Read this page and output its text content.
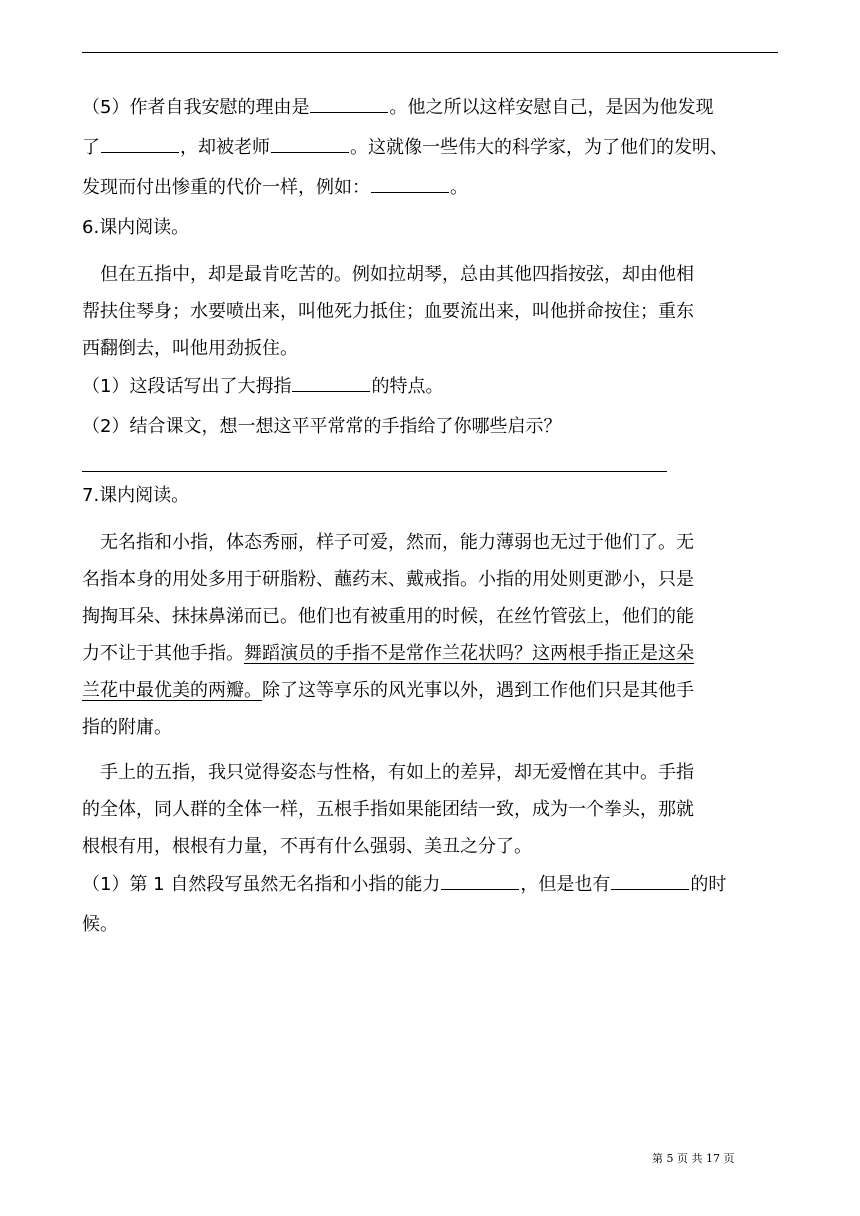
（5）作者自我安慰的理由是	。他之所以这样安慰自己，是因为他发现
了	，却被老师	。这就像一些伟大的科学家，为了他们的发明、
发现而付出惨重的代价一样，例如：	。
6.课内阅读。
　但在五指中，却是最肯吃苦的。例如拉胡琴，总由其他四指按弦，却由他相
帮扶住琴身；水要喷出来，叫他死力抵住；血要流出来，叫他拼命按住；重东
西翻倒去，叫他用劲扳住。
（1）这段话写出了大拇指	的特点。
（2）结合课文，想一想这平平常常的手指给了你哪些启示？
7.课内阅读。
　无名指和小指，体态秀丽，样子可爱，然而，能力薄弱也无过于他们了。无
名指本身的用处多用于研脂粉、蘸药末、戴戒指。小指的用处则更渺小，只是
掏掏耳朵、抹抹鼻涕而已。他们也有被重用的时候，在丝竹管弦上，他们的能
力不让于其他手指。舞蹈演员的手指不是常作兰花状吗？这两根手指正是这朵
兰花中最优美的两瓣。除了这等享乐的风光事以外，遇到工作他们只是其他手
指的附庸。
　手上的五指，我只觉得姿态与性格，有如上的差异，却无爱憎在其中。手指
的全体，同人群的全体一样，五根手指如果能团结一致，成为一个拳头，那就
根根有用，根根有力量，不再有什么强弱、美丑之分了。
（1）第 1 自然段写虽然无名指和小指的能力	，但是也有	的时
候。
第 5 页 共 17 页
